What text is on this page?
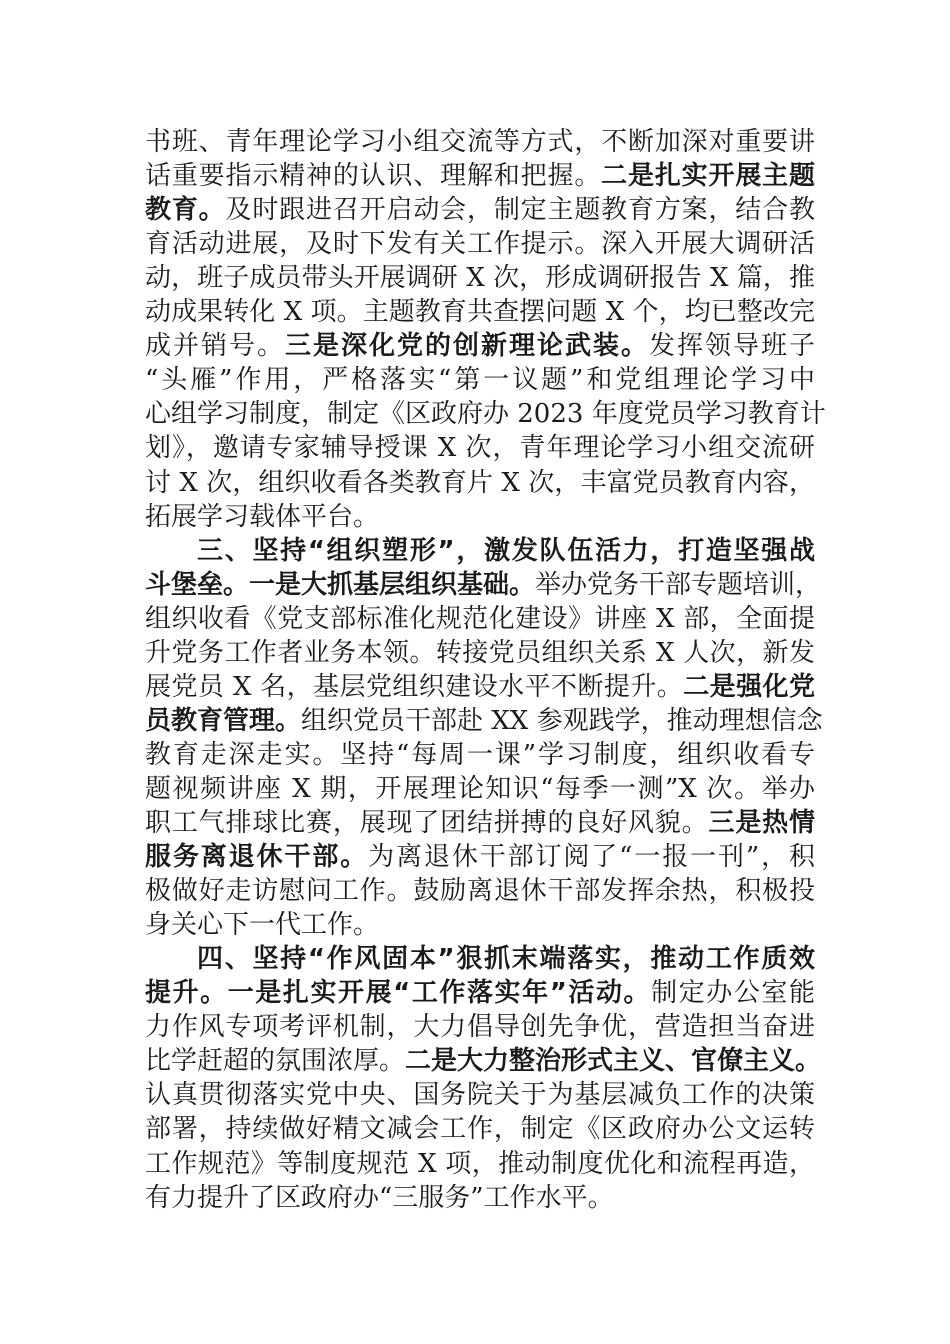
书班、青年理论学习小组交流等方式，不断加深对重要讲
话重要指示精神的认识、理解和把握。二是扎实开展主题
教育。及时跟进召开启动会，制定主题教育方案，结合教
育活动进展，及时下发有关工作提示。深入开展大调研活
动，班子成员带头开展调研 X 次，形成调研报告 X 篇，推
动成果转化 X 项。主题教育共查摆问题 X 个，均已整改完
成并销号。三是深化党的创新理论武装。发挥领导班子
“头雁”作用，严格落实“第一议题”和党组理论学习中
心组学习制度，制定《区政府办 2023 年度党员学习教育计
划》，邀请专家辅导授课 X 次，青年理论学习小组交流研
讨 X 次，组织收看各类教育片 X 次，丰富党员教育内容，
拓展学习载体平台。
三、坚持“组织塑形”，激发队伍活力，打造坚强战
斗堡垒。一是大抓基层组织基础。举办党务干部专题培训，
组织收看《党支部标准化规范化建设》讲座 X 部，全面提
升党务工作者业务本领。转接党员组织关系 X 人次，新发
展党员 X 名，基层党组织建设水平不断提升。二是强化党
员教育管理。组织党员干部赴 XX 参观践学，推动理想信念
教育走深走实。坚持“每周一课”学习制度，组织收看专
题视频讲座 X 期，开展理论知识“每季一测”X 次。举办
职工气排球比赛，展现了团结拼搏的良好风貌。三是热情
服务离退休干部。为离退休干部订阅了“一报一刊”，积
极做好走访慰问工作。鼓励离退休干部发挥余热，积极投
身关心下一代工作。
四、坚持“作风固本”狠抓末端落实，推动工作质效
提升。一是扎实开展“工作落实年”活动。制定办公室能
力作风专项考评机制，大力倡导创先争优，营造担当奋进
比学赶超的氛围浓厚。二是大力整治形式主义、官僚主义。
认真贯彻落实党中央、国务院关于为基层减负工作的决策
部署，持续做好精文减会工作，制定《区政府办公文运转
工作规范》等制度规范 X 项，推动制度优化和流程再造，
有力提升了区政府办“三服务”工作水平。
